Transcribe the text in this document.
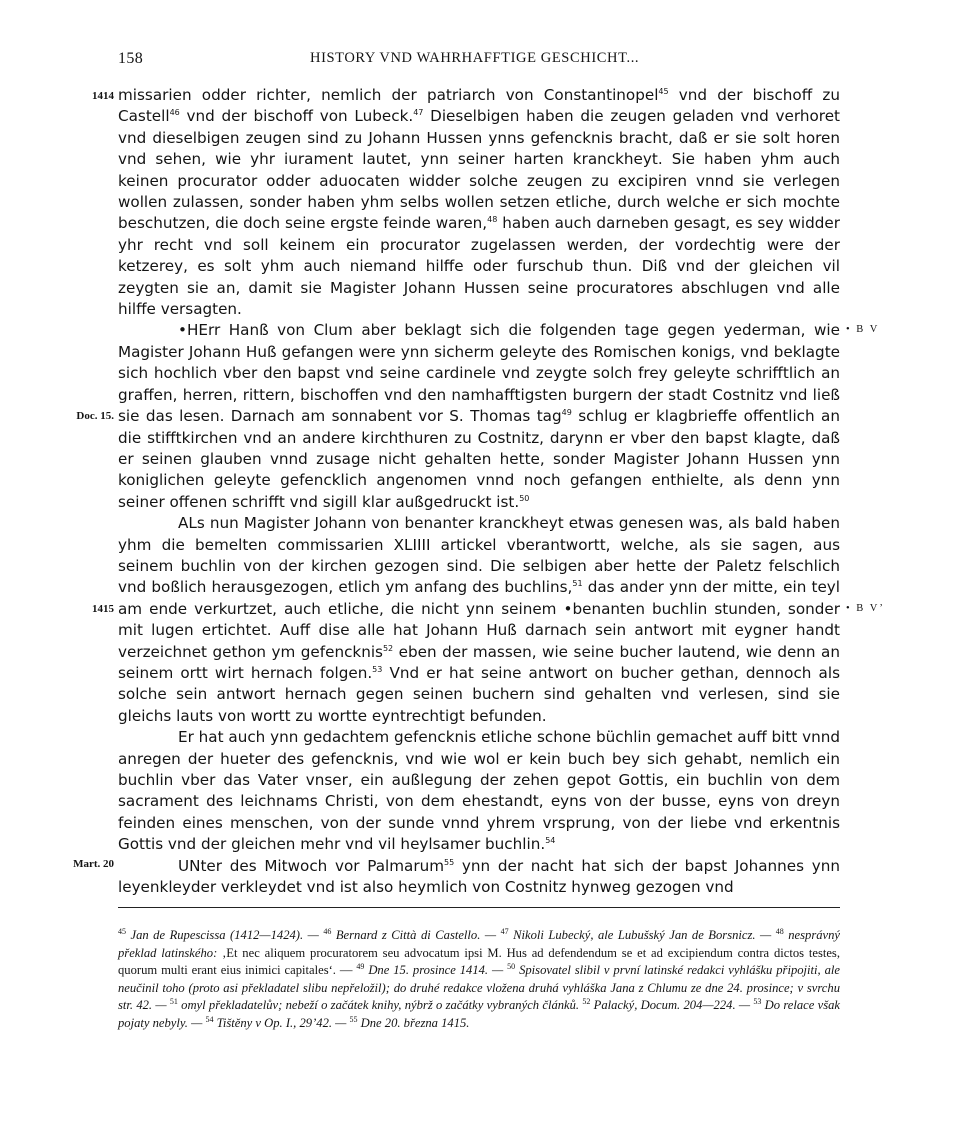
158	HISTORY VND WAHRHAFFTIGE GESCHICHT...
1414
Doc. 15.
1415
Mart. 20
• B V
• B V’

missarien odder richter, nemlich der patriarch von Constantinopel$^{45}$ vnd der bischoff zu Castell$^{46}$ vnd der bischoff von Lubeck.$^{47}$ Dieselbigen haben die zeugen geladen vnd verhoret vnd dieselbigen zeugen sind zu Johann Hussen ynns gefencknis bracht, daß er sie solt horen vnd sehen, wie yhr iurament lautet, ynn seiner harten kranckheyt. Sie haben yhm auch keinen procurator odder aduocaten widder solche zeugen zu excipiren vnnd sie verlegen wollen zulassen, sonder haben yhm selbs wollen setzen etliche, durch welche er sich mochte beschutzen, die doch seine ergste feinde waren,$^{48}$ haben auch darneben gesagt, es sey widder yhr recht vnd soll keinem ein procurator zugelassen werden, der vordechtig were der ketzerey, es solt yhm auch niemand hilffe oder furschub thun. Diß vnd der gleichen vil zeygten sie an, damit sie Magister Johann Hussen seine procuratores abschlugen vnd alle hilffe versagten.

•HErr Hanß von Clum aber beklagt sich die folgenden tage gegen yederman, wie Magister Johann Huß gefangen were ynn sicherm geleyte des Romischen konigs, vnd beklagte sich hochlich vber den bapst vnd seine cardinele vnd zeygte solch frey geleyte schrifftlich an graffen, herren, rittern, bischoffen vnd den namhafftigsten burgern der stadt Costnitz vnd ließ sie das lesen. Darnach am sonnabent vor S. Thomas tag$^{49}$ schlug er klagbrieffe offentlich an die stifftkirchen vnd an andere kirchthuren zu Costnitz, darynn er vber den bapst klagte, daß er seinen glauben vnnd zusage nicht gehalten hette, sonder Magister Johann Hussen ynn koniglichen geleyte gefencklich angenomen vnnd noch gefangen enthielte, als denn ynn seiner offenen schrifft vnd sigill klar außgedruckt ist.$^{50}$

ALs nun Magister Johann von benanter kranckheyt etwas genesen was, als bald haben yhm die bemelten commissarien XLIIII artickel vberantwortt, welche, als sie sagen, aus seinem buchlin von der kirchen gezogen sind. Die selbigen aber hette der Paletz felschlich vnd boßlich herausgezogen, etlich ym anfang des buchlins,$^{51}$ das ander ynn der mitte, ein teyl am ende verkurtzet, auch etliche, die nicht ynn seinem •benanten buchlin stunden, sonder mit lugen ertichtet. Auff dise alle hat Johann Huß darnach sein antwort mit eygner handt verzeichnet gethon ym gefencknis$^{52}$ eben der massen, wie seine bucher lautend, wie denn an seinem ortt wirt hernach folgen.$^{53}$ Vnd er hat seine antwort on bucher gethan, dennoch als solche sein antwort hernach gegen seinen buchern sind gehalten vnd verlesen, sind sie gleichs lauts von wortt zu wortte eyntrechtigt befunden.

Er hat auch ynn gedachtem gefencknis etliche schone büchlin gemachet auff bitt vnnd anregen der hueter des gefencknis, vnd wie wol er kein buch bey sich gehabt, nemlich ein buchlin vber das Vater vnser, ein außlegung der zehen gepot Gottis, ein buchlin von dem sacrament des leichnams Christi, von dem ehestandt, eyns von der busse, eyns von dreyn feinden eines menschen, von der sunde vnnd yhrem vrsprung, von der liebe vnd erkentnis Gottis vnd der gleichen mehr vnd vil heylsamer buchlin.$^{54}$

UNter des Mitwoch vor Palmarum$^{55}$ ynn der nacht hat sich der bapst Johannes ynn leyenkleyder verkleydet vnd ist also heymlich von Costnitz hynweg gezogen vnd

$^{45}$ Jan de Rupescissa (1412—1424). — $^{46}$ Bernard z Città di Castello. — $^{47}$ Nikoli Lubecký, ale Lubušský Jan de Borsnicz. — $^{48}$ nesprávný překlad latinského: ‚Et nec aliquem procuratorem seu advocatum ipsi M. Hus ad defendendum se et ad excipiendum contra dictos testes, quorum multi erant eius inimici capitales‘. — $^{49}$ Dne 15. prosince 1414. — $^{50}$ Spisovatel slibil v první latinské redakci vyhlášku připojiti, ale neučinil toho (proto asi překladatel slibu nepřeložil); do druhé redakce vložena druhá vyhláška Jana z Chlumu ze dne 24. prosince; v svrchu str. 42. — $^{51}$ omyl překladatelův; nebeží o začátek knihy, nýbrž o začátky vybraných článků. $^{52}$ Palacký, Docum. 204—224. — $^{53}$ Do relace však pojaty nebyly. — $^{54}$ Tištěny v Op. I., 29’42. — $^{55}$ Dne 20. března 1415.
